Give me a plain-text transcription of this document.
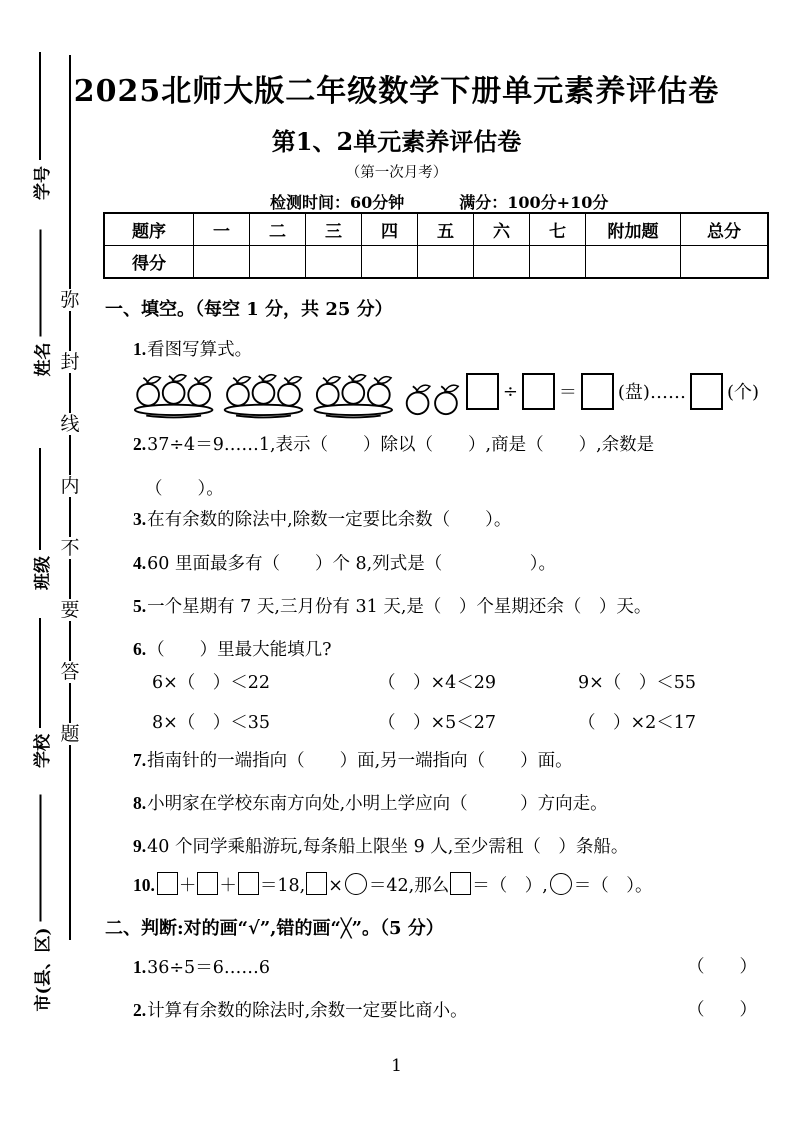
学号
姓名
班级
学校
市(县、区)
弥
封
线
内
不
要
答
题
2025北师大版二年级数学下册单元素养评估卷
第1、2单元素养评估卷
（第一次月考）
检测时间：60分钟	满分：100分+10分
题序	一	二	三	四	五	六	七	附加题	总分
得分									
一、填空。（每空 1 分，共 25 分）
1.看图写算式。
÷ ＝ (盘)…… (个)
2.37÷4＝9……1,表示（　　）除以（　　）,商是（　　）,余数是
（　　）。
3.在有余数的除法中,除数一定要比余数（　　）。
4.60 里面最多有（　　）个 8,列式是（　　　　　）。
5.一个星期有 7 天,三月份有 31 天,是（　）个星期还余（　）天。
6.（　　）里最大能填几?
6×（　）＜22	（　）×4＜29	9×（　）＜55
8×（　）＜35	（　）×5＜27	（　）×2＜17
7.指南针的一端指向（　　）面,另一端指向（　　）面。
8.小明家在学校东南方向处,小明上学应向（　　　）方向走。
9.40 个同学乘船游玩,每条船上限坐 9 人,至少需租（　）条船。
10. ＋ ＋ ＝18, × ＝42,那么 ＝（　）, ＝（　）。
二、判断:对的画“√”,错的画“╳”。（5 分）
1.36÷5＝6……6	（　　）
2.计算有余数的除法时,余数一定要比商小。	（　　）
1
